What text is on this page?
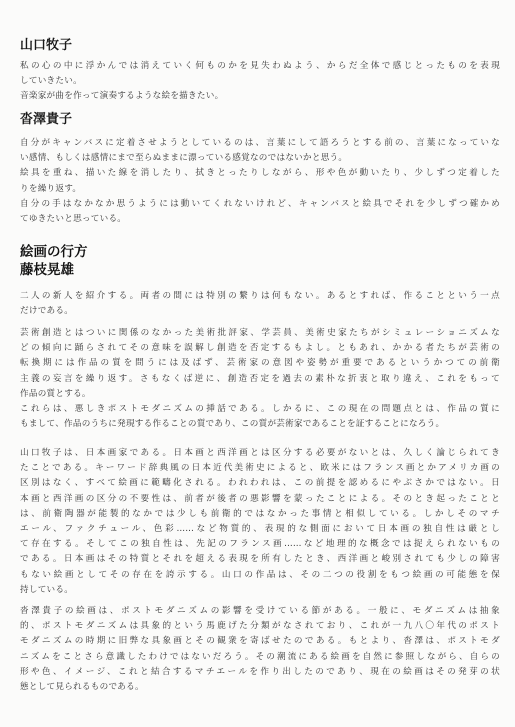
山口牧子
私の心の中に浮かんでは消えていく何ものかを見失わぬよう、からだ全体で感じとったものを表現
していきたい。
音楽家が曲を作って演奏するような絵を描きたい。
沓澤貴子
自分がキャンバスに定着させようとしているのは、言葉にして語ろうとする前の、言葉になっていな
い感情、もしくは感情にまで至らぬままに漂っている感覚なのではないかと思う。
絵具を重ね、描いた線を消したり、拭きとったりしながら、形や色が動いたり、少しずつ定着した
りを繰り返す。
自分の手はなかなか思うようには動いてくれないけれど、キャンバスと絵具でそれを少しずつ確かめ
てゆきたいと思っている。
絵画の行方
藤枝晃雄
二人の新人を紹介する。両者の間には特別の繋りは何もない。あるとすれば、作ることという一点
だけである。
芸術創造とはついに関係のなかった美術批評家、学芸員、美術史家たちがシミュレーショニズムな
どの傾向に踊らされてその意味を誤解し創造を否定するもよし。ともあれ、かかる者たちが芸術の
転換期には作品の質を問うには及ばず、芸術家の意図や姿勢が重要であるというかつての前衛
主義の妄言を繰り返す。さもなくば逆に、創造否定を過去の素朴な折衷と取り違え、これをもって
作品の質とする。
これらは、悪しきポストモダニズムの挿話である。しかるに、この現在の問題点とは、作品の質に
もまして、作品のうちに発現する作ることの質であり、この質が芸術家であることを証することになろう。
山口牧子は、日本画家である。日本画と西洋画とは区分する必要がないとは、久しく論じられてき
たことである。キーワード辞典風の日本近代美術史によると、欧米にはフランス画とかアメリカ画の
区別はなく、すべて絵画に範疇化される。われわれは、この前提を認めるにやぶさかではない。日
本画と西洋画の区分の不要性は、前者が後者の悪影響を蒙ったことによる。そのとき起ったことと
は、前衛陶器が能製的なかでは少しも前衛的ではなかった事情と相似している。しかしそのマチ
エール、ファクチュール、色彩……など物質的、表現的な側面において日本画の独自性は厳とし
て存在する。そしてこの独自性は、先記のフランス画……など地理的な概念では捉えられないもの
である。日本画はその特質とそれを超える表現を所有したとき、西洋画と峻別されても少しの障害
もない絵画としてその存在を誇示する。山口の作品は、その二つの役割をもつ絵画の可能態を保
持している。
沓澤貴子の絵画は、ポストモダニズムの影響を受けている節がある。一般に、モダニズムは抽象
的、ポストモダニズムは具象的という馬鹿げた分類がなされており、これが一九八〇年代のポスト
モダニズムの時期に旧弊な具象画とその観衆を寄ばせたのである。もとより、沓澤は、ポストモダ
ニズムをことさら意識したわけではないだろう。その潮流にある絵画を自然に参照しながら、自らの
形や色、イメージ、これと結合するマチエールを作り出したのであり、現在の絵画はその発芽の状
態として見られるものである。
